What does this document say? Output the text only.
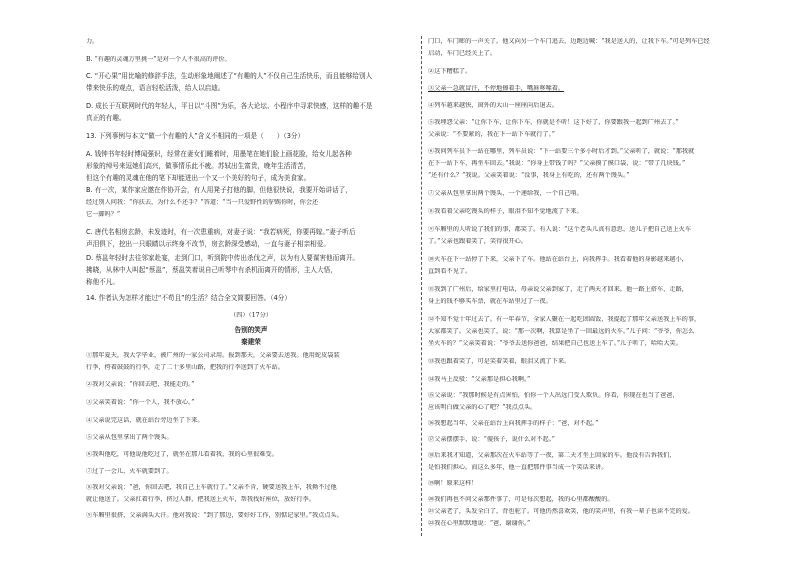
力。
B. “有趣的灵魂万里挑一”是对一个人不很高的评价。
C. “开心果”用比喻的修辞手法，生动形象地阐述了“有趣的人”不仅自己生活快乐，而且能够给别人
带来快乐的观点，语言轻松活泼，给人以启迪。
D. 成长于互联网时代的年轻人，平日以“斗图”为乐，各大论坛、小程序中寻求快感，这样的趣不是
真正的有趣。
13. 下列事例与本文“做一个有趣的人”含义不相同的一项是（　　）（3分）
A. 钱钟书年轻时博闻强识，经常在妻女们睡着时，用墨笔在她们脸上画花脸，给女儿起各种
形象的绰号来逗她们高兴，做事情乐此不疲。苏轼出生富贵，晚年生活清苦，
但这个有趣的灵魂在他的笔下却能迸出一个又一个美好的句子，成为美食家。
B. 有一次，某作家应邀在作协开会，有人用凳子打他的脚，但他很快说，我要开始讲话了，
经过别人问我：“你扶去，为什么不还手？”答道：“当一只爱野性的驴踢你时，你会还
它一脚吗？”
C. 唐代名相房玄龄，未发迹时，有一次患重病，对妻子说：“我若病死，你要再嫁。”妻子听后
声泪俱下，挖出一只眼睛以示终身不改节，房玄龄深受感动，一直与妻子相亲相爱。
D. 蔡邕年轻时去往邻家赴宴，走到门口，听到院中传出杀伐之声，以为有人要谋害他而离开。
拂晓，从林中人叫起“蔡邕”，蔡邕笑着说自己听琴中有杀机而离开的情形，主人大悟，
称他不凡。
14. 作者认为怎样才能过“不苟且”的生活？结合全文简要回答。（4分）
（四）（17分）
告别的笑声
秦建荣
①那年夏天，我大学毕业，被广州的一家公司录用。报到那天，父亲要去送我。他用蛇皮袋装
行李，挎着鼓鼓的行李，走了二十多里山路，把我的行李送到了火车站。
②我对父亲说：“你回去吧，我能走的。”
③父亲笑着说：“你一个人，我不放心。”
④父亲说完这话，就在站台旁边坐了下来。
⑤父亲从包里拿出了两个馒头。
⑥我叫他吃，可他说他吃过了，就坐在那儿看着我，我的心里很难受。
⑦过了一会儿，火车就要到了。
⑧我对父亲说：“爸，你回去吧，我自己上车就行了。”父亲不肯，硬要送我上车，我拗不过他
就让他送了。父亲扛着行李，挤过人群，把我送上火车，帮我找好座位，放好行李。
⑨车厢里很挤，父亲满头大汗。他对我说：“到了那边，要好好工作，别惦记家里。”我点点头。
门口，车门嘭的一声关了。他又向另一个车门追去，边跑边喊：“我是送人的，让我下车。”可是列车已经
启动，车门已经关上了。
②这下糟糕了。
③父亲一急就冒汗，不停地擦着手，嘴唇哆嗦着。
④列车越来越快，窗外的大山一座座向后退去。
⑤我埋怨父亲：“让你下车，让你下车，你就是不听！这下好了，你要跟我一起到广州去了。”
父亲说：“不要紧的，我在下一站下车就行了。”
⑥我问列车员下一站在哪里，列车员说：“下一站要三个多小时后才到。”父亲听了，就说：“那我就
在下一站下车，再坐车回去。”我说：“你身上带钱了吗？”父亲摸了摸口袋，说：“带了几块钱。”
“还有什么？”我说。父亲笑着说：“没事，我身上有吃的，还有两个馒头。”
⑦父亲从包里拿出两个馒头，一个递给我，一个自己啃。
⑧我看着父亲吃馒头的样子，眼泪不知不觉地流了下来。
⑨车厢里的人听说了我们的事，都笑了。有人说：“这个老头儿真有意思，送儿子把自己送上火车
了。”父亲也跟着笑了，笑得很开心。
⑩火车在下一站停了下来，父亲下了车。他站在站台上，向我挥手。我看着他的身影越来越小，
直到看不见了。
⑪我到了广州后，给家里打电话，母亲说父亲到家了，走了两天才回来。他一路上搭车、走路，
身上的钱不够买车票，就在车站里过了一夜。
⑫不知不觉十年过去了。有一年春节，全家人聚在一起吃团圆饭，我提起了那年父亲送我上车的事，
大家都笑了。父亲也笑了，说：“那一次啊，我算是坐了一回最远的火车。”儿子问：“爷爷，你怎么
坐火车的？”父亲笑着说：“爷爷去送你爸爸，结果把自己也送上车了。”儿子听了，哈哈大笑。
⑬我也跟着笑了，可是笑着笑着，眼泪又流了下来。
⑭我马上反驳：“父亲那是担心我啊。”
⑮父亲说：“我那时候是有点害怕，怕你一个人出远门受人欺负。你看，你现在也当了爸爸，
应该明白做父亲的心了吧？”我点点头。
⑯我想起当年，父亲在站台上向我挥手的样子：“爸，对不起。”
⑰父亲摆摆手，说：“傻孩子，说什么对不起。”
⑱后来我才知道，父亲那次在火车站等了一夜，第二天才坐上回家的车。他没有告诉我们，
是怕我们担心。而这么多年，他一直把那件事当成一个笑话来讲。
⑲啊！原来这样！
⑳我们再也不问父亲那件事了，可是每次想起，我的心里都酸酸的。
㉑父亲老了，头发全白了，背也驼了。可他仍然喜欢笑，他的笑声里，有我一辈子也读不完的爱。
㉒我在心里默默地说：“爸，谢谢你。”
